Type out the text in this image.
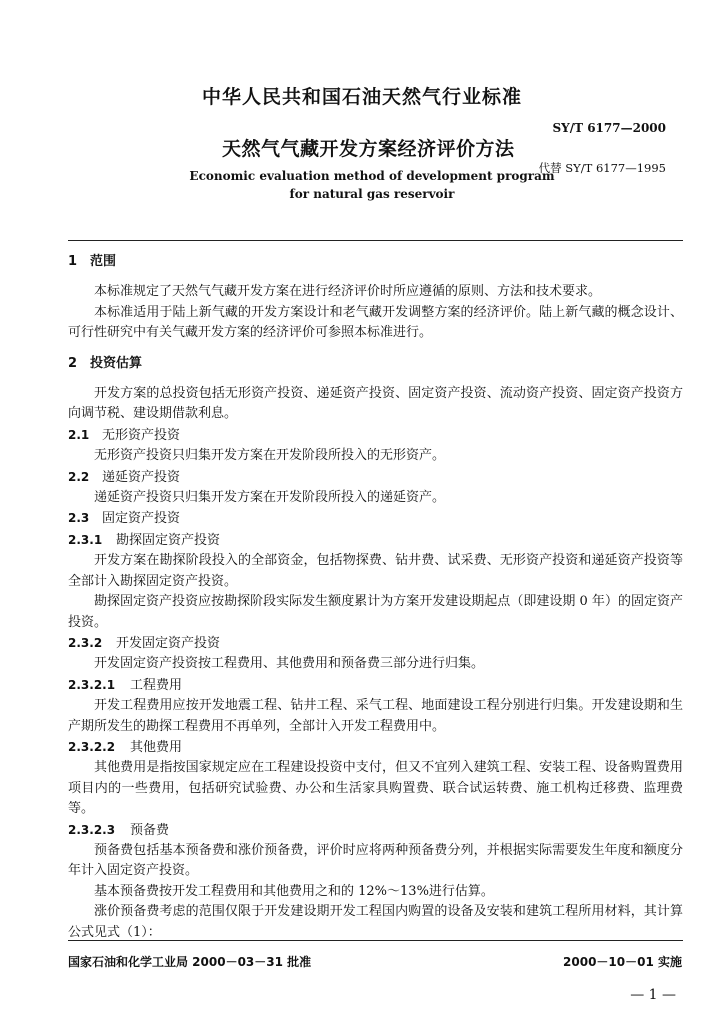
中华人民共和国石油天然气行业标准
SY/T 6177—2000
天然气气藏开发方案经济评价方法
代替 SY/T 6177—1995
Economic evaluation method of development program
for natural gas reservoir
1 范围
本标准规定了天然气气藏开发方案在进行经济评价时所应遵循的原则、方法和技术要求。
本标准适用于陆上新气藏的开发方案设计和老气藏开发调整方案的经济评价。陆上新气藏的概念设计、可行性研究中有关气藏开发方案的经济评价可参照本标准进行。
2 投资估算
开发方案的总投资包括无形资产投资、递延资产投资、固定资产投资、流动资产投资、固定资产投资方向调节税、建设期借款利息。
2.1 无形资产投资
无形资产投资只归集开发方案在开发阶段所投入的无形资产。
2.2 递延资产投资
递延资产投资只归集开发方案在开发阶段所投入的递延资产。
2.3 固定资产投资
2.3.1 勘探固定资产投资
开发方案在勘探阶段投入的全部资金，包括物探费、钻井费、试采费、无形资产投资和递延资产投资等全部计入勘探固定资产投资。
勘探固定资产投资应按勘探阶段实际发生额度累计为方案开发建设期起点（即建设期 0 年）的固定资产投资。
2.3.2 开发固定资产投资
开发固定资产投资按工程费用、其他费用和预备费三部分进行归集。
2.3.2.1 工程费用
开发工程费用应按开发地震工程、钻井工程、采气工程、地面建设工程分别进行归集。开发建设期和生产期所发生的勘探工程费用不再单列，全部计入开发工程费用中。
2.3.2.2 其他费用
其他费用是指按国家规定应在工程建设投资中支付，但又不宜列入建筑工程、安装工程、设备购置费用项目内的一些费用，包括研究试验费、办公和生活家具购置费、联合试运转费、施工机构迁移费、监理费等。
2.3.2.3 预备费
预备费包括基本预备费和涨价预备费，评价时应将两种预备费分列，并根据实际需要发生年度和额度分年计入固定资产投资。
基本预备费按开发工程费用和其他费用之和的 12%～13%进行估算。
涨价预备费考虑的范围仅限于开发建设期开发工程国内购置的设备及安装和建筑工程所用材料，其计算公式见式（1）：
国家石油和化学工业局 2000－03－31 批准	2000－10－01 实施
— 1 —
